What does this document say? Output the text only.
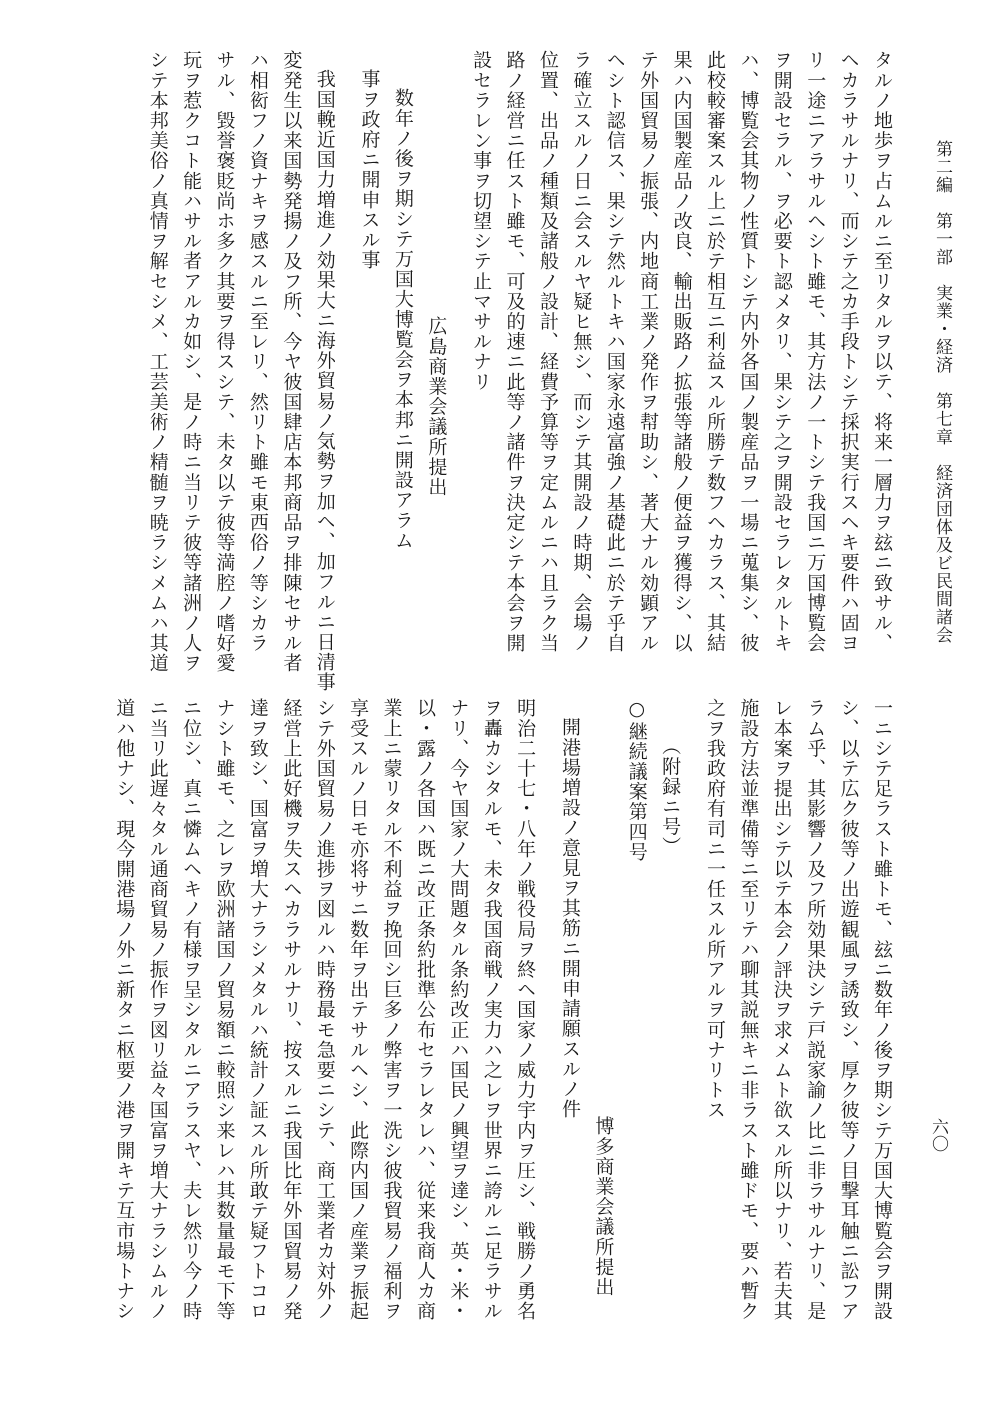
第二編　第一部　実業・経済　第七章　経済団体及ビ民間諸会
六〇
タルノ地歩ヲ占ムルニ至リタルヲ以テ、将来一層力ヲ玆ニ致サル、
ヘカラサルナリ、而シテ之カ手段トシテ採択実行スヘキ要件ハ固ヨ
リ一途ニアラサルヘシト雖モ、其方法ノ一トシテ我国ニ万国博覧会
ヲ開設セラル、ヲ必要ト認メタリ、果シテ之ヲ開設セラレタルトキ
ハ、博覧会其物ノ性質トシテ内外各国ノ製産品ヲ一場ニ蒐集シ、彼
此校較審案スル上ニ於テ相互ニ利益スル所勝テ数フヘカラス、其結
果ハ内国製産品ノ改良、輸出販路ノ拡張等諸般ノ便益ヲ獲得シ、以
テ外国貿易ノ振張、内地商工業ノ発作ヲ幇助シ、著大ナル効顕アル
ヘシト認信ス、果シテ然ルトキハ国家永遠富強ノ基礎此ニ於テ乎自
ラ確立スルノ日ニ会スルヤ疑ヒ無シ、而シテ其開設ノ時期、会場ノ
位置、出品ノ種類及諸般ノ設計、経費予算等ヲ定ムルニハ且ラク当
路ノ経営ニ任スト雖モ、可及的速ニ此等ノ諸件ヲ決定シテ本会ヲ開
設セラレン事ヲ切望シテ止マサルナリ
広島商業会議所提出
数年ノ後ヲ期シテ万国大博覧会ヲ本邦ニ開設アラム
事ヲ政府ニ開申スル事
我国輓近国力増進ノ効果大ニ海外貿易ノ気勢ヲ加ヘ、加フルニ日清事
変発生以来国勢発揚ノ及フ所、今ヤ彼国肆店本邦商品ヲ排陳セサル者
ハ相衒フノ資ナキヲ感スルニ至レリ、然リト雖モ東西俗ノ等シカラ
サル、毀誉褒貶尚ホ多ク其要ヲ得スシテ、未タ以テ彼等満腔ノ嗜好愛
玩ヲ惹クコト能ハサル者アルカ如シ、是ノ時ニ当リテ彼等諸洲ノ人ヲ
シテ本邦美俗ノ真情ヲ解セシメ、工芸美術ノ精髄ヲ暁ラシメムハ其道
一ニシテ足ラスト雖トモ、玆ニ数年ノ後ヲ期シテ万国大博覧会ヲ開設
シ、以テ広ク彼等ノ出遊観風ヲ誘致シ、厚ク彼等ノ目撃耳触ニ訟フア
ラム乎、其影響ノ及フ所効果決シテ戸説家諭ノ比ニ非ラサルナリ、是
レ本案ヲ提出シテ以テ本会ノ評決ヲ求メムト欲スル所以ナリ、若夫其
施設方法並準備等ニ至リテハ聊其説無キニ非ラスト雖ドモ、要ハ暫ク
之ヲ我政府有司ニ一任スル所アルヲ可ナリトス
（附録ニ号）
○継続議案第四号
博多商業会議所提出
開港場増設ノ意見ヲ其筋ニ開申請願スルノ件
明治二十七・八年ノ戦役局ヲ終ヘ国家ノ威力宇内ヲ圧シ、戦勝ノ勇名
ヲ轟カシタルモ、未タ我国商戦ノ実力ハ之レヲ世界ニ誇ルニ足ラサル
ナリ、今ヤ国家ノ大問題タル条約改正ハ国民ノ興望ヲ達シ、英・米・
以・露ノ各国ハ既ニ改正条約批準公布セラレタレハ、従来我商人カ商
業上ニ蒙リタル不利益ヲ挽回シ巨多ノ弊害ヲ一洗シ彼我貿易ノ福利ヲ
享受スルノ日モ亦将サニ数年ヲ出テサルヘシ、此際内国ノ産業ヲ振起
シテ外国貿易ノ進捗ヲ図ルハ時務最モ急要ニシテ、商工業者カ対外ノ
経営上此好機ヲ失スヘカラサルナリ、按スルニ我国比年外国貿易ノ発
達ヲ致シ、国富ヲ増大ナラシメタルハ統計ノ証スル所敢テ疑フトコロ
ナシト雖モ、之レヲ欧洲諸国ノ貿易額ニ較照シ来レハ其数量最モ下等
ニ位シ、真ニ憐ムヘキノ有様ヲ呈シタルニアラスヤ、夫レ然リ今ノ時
ニ当リ此遅々タル通商貿易ノ振作ヲ図リ益々国富ヲ増大ナラシムルノ
道ハ他ナシ、現今開港場ノ外ニ新タニ枢要ノ港ヲ開キテ互市場トナシ
